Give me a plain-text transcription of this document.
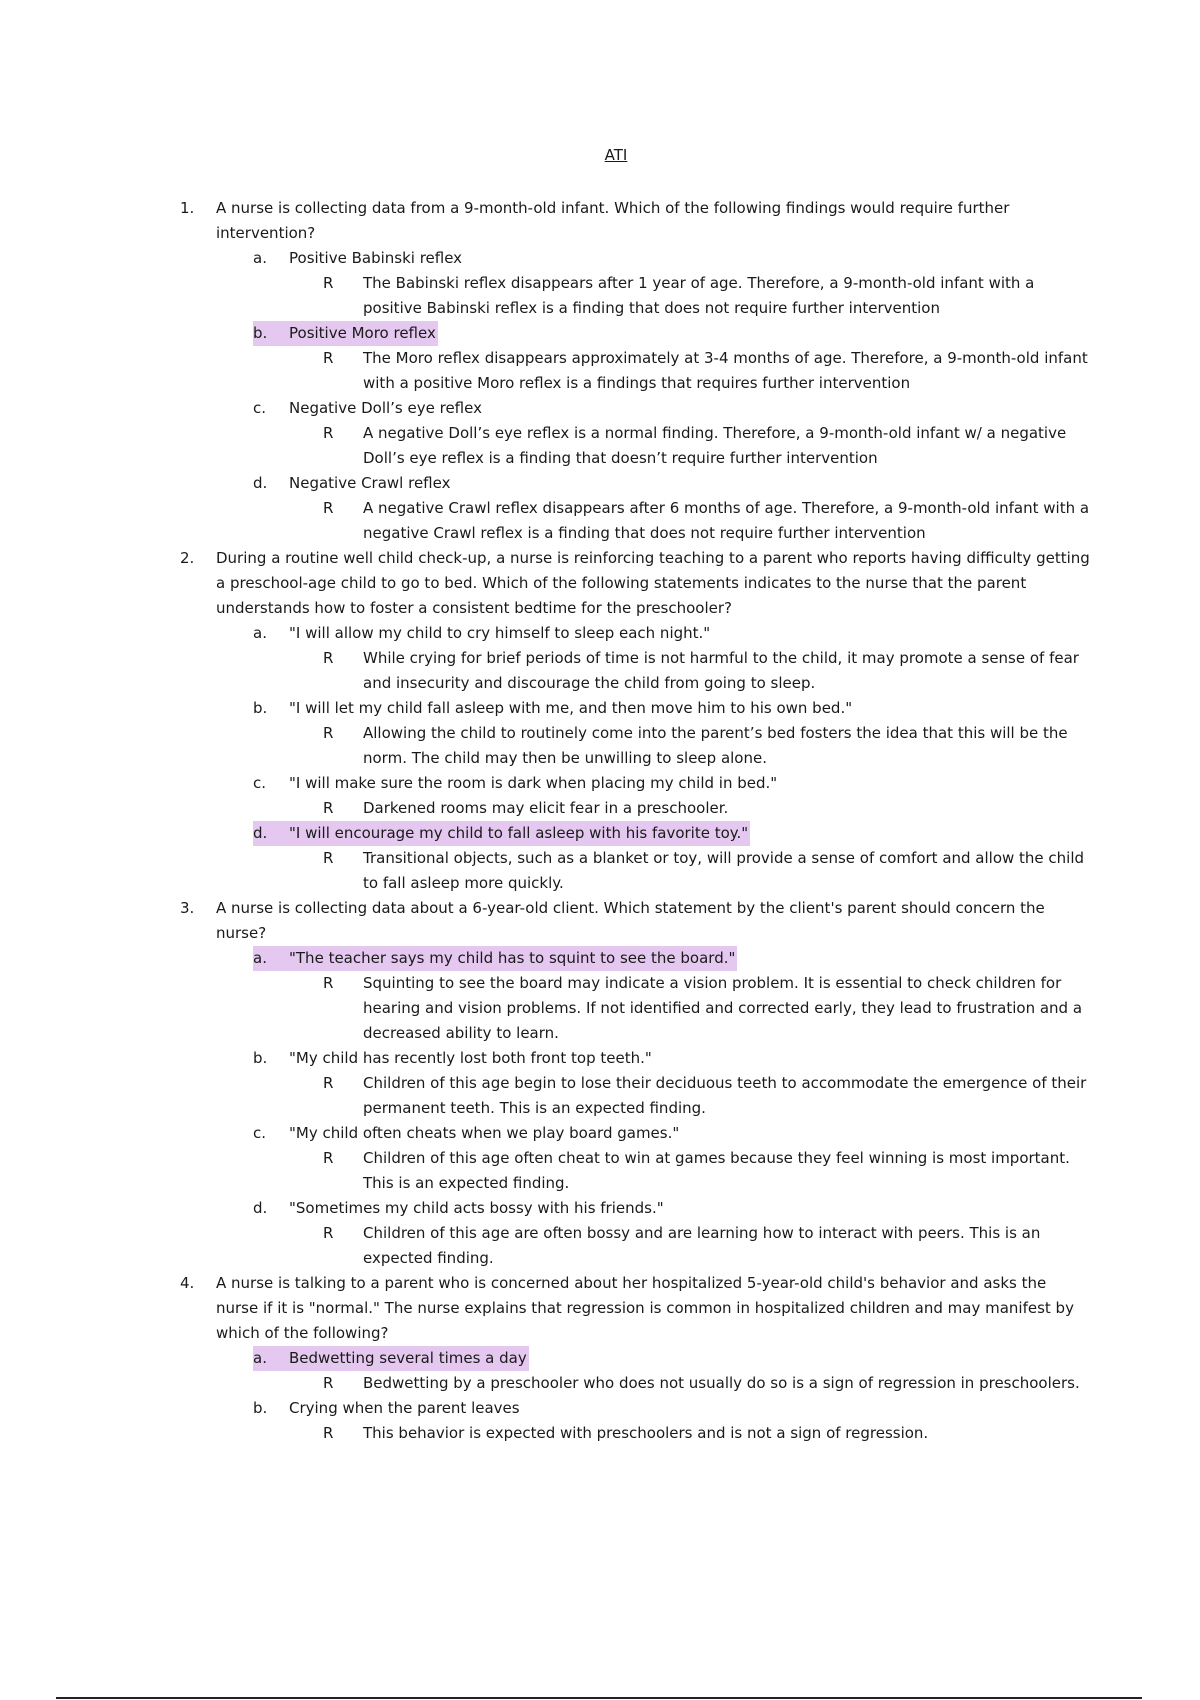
ATI
1.	A nurse is collecting data from a 9-month-old infant. Which of the following findings would require further intervention?
a.	Positive Babinski reflex
R	The Babinski reflex disappears after 1 year of age. Therefore, a 9-month-old infant with a positive Babinski reflex is a finding that does not require further intervention
b.	Positive Moro reflex
R	The Moro reflex disappears approximately at 3-4 months of age. Therefore, a 9-month-old infant with a positive Moro reflex is a findings that requires further intervention
c.	Negative Doll’s eye reflex
R	A negative Doll’s eye reflex is a normal finding. Therefore, a 9-month-old infant w/ a negative Doll’s eye reflex is a finding that doesn’t require further intervention
d.	Negative Crawl reflex
R	A negative Crawl reflex disappears after 6 months of age. Therefore, a 9-month-old infant with a negative Crawl reflex is a finding that does not require further intervention
2.	During a routine well child check-up, a nurse is reinforcing teaching to a parent who reports having difficulty getting a preschool-age child to go to bed. Which of the following statements indicates to the nurse that the parent understands how to foster a consistent bedtime for the preschooler?
a.	"I will allow my child to cry himself to sleep each night."
R	While crying for brief periods of time is not harmful to the child, it may promote a sense of fear and insecurity and discourage the child from going to sleep.
b.	"I will let my child fall asleep with me, and then move him to his own bed."
R	Allowing the child to routinely come into the parent’s bed fosters the idea that this will be the norm. The child may then be unwilling to sleep alone.
c.	"I will make sure the room is dark when placing my child in bed."
R	Darkened rooms may elicit fear in a preschooler.
d.	"I will encourage my child to fall asleep with his favorite toy."
R	Transitional objects, such as a blanket or toy, will provide a sense of comfort and allow the child to fall asleep more quickly.
3.	A nurse is collecting data about a 6-year-old client. Which statement by the client's parent should concern the nurse?
a.	"The teacher says my child has to squint to see the board."
R	Squinting to see the board may indicate a vision problem. It is essential to check children for hearing and vision problems. If not identified and corrected early, they lead to frustration and a decreased ability to learn.
b.	"My child has recently lost both front top teeth."
R	Children of this age begin to lose their deciduous teeth to accommodate the emergence of their permanent teeth. This is an expected finding.
c.	"My child often cheats when we play board games."
R	Children of this age often cheat to win at games because they feel winning is most important. This is an expected finding.
d.	"Sometimes my child acts bossy with his friends."
R	Children of this age are often bossy and are learning how to interact with peers. This is an expected finding.
4.	A nurse is talking to a parent who is concerned about her hospitalized 5-year-old child's behavior and asks the nurse if it is "normal." The nurse explains that regression is common in hospitalized children and may manifest by which of the following?
a.	Bedwetting several times a day
R	Bedwetting by a preschooler who does not usually do so is a sign of regression in preschoolers.
b.	Crying when the parent leaves
R	This behavior is expected with preschoolers and is not a sign of regression.
